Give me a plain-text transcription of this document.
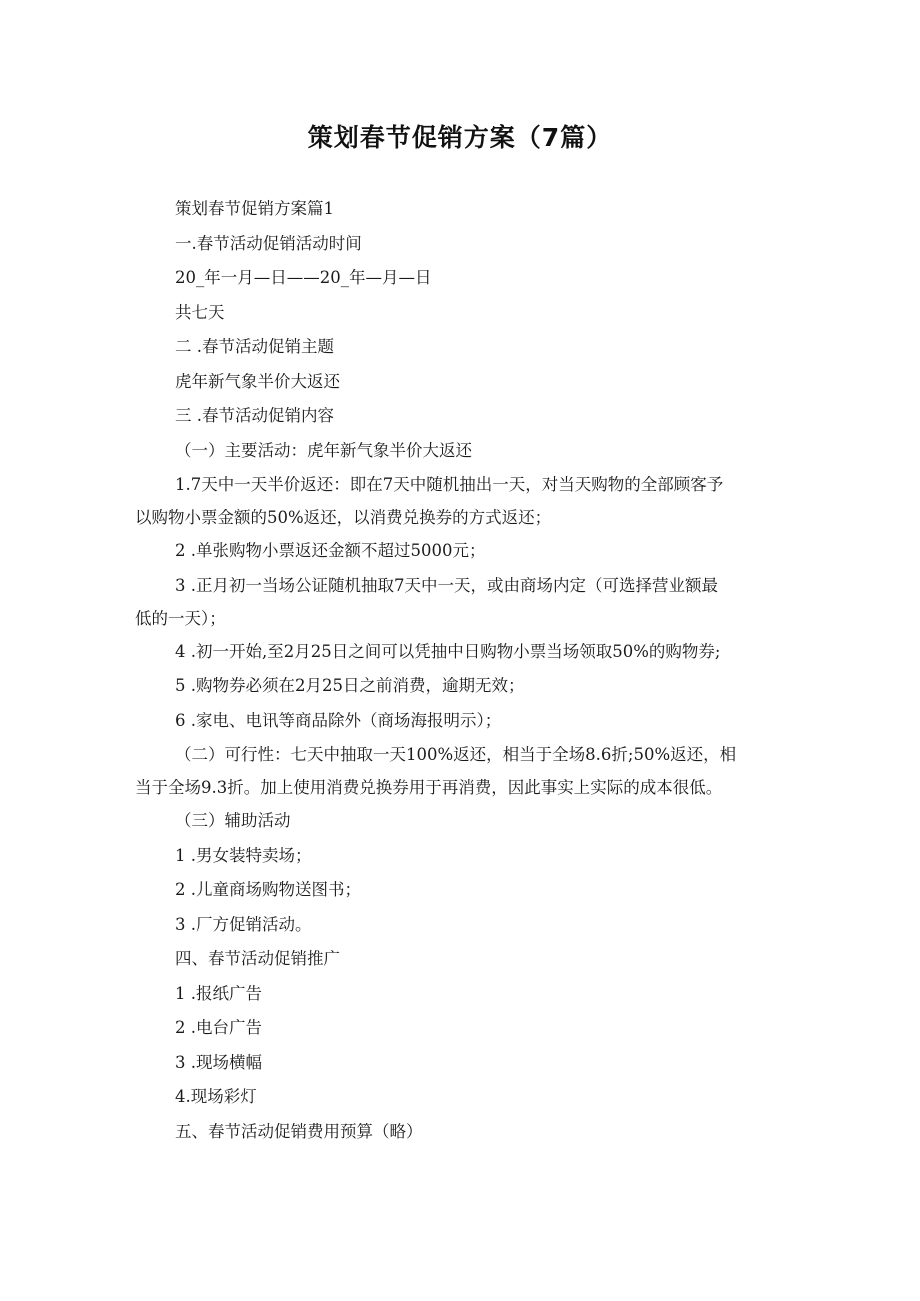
策划春节促销方案（7篇）
策划春节促销方案篇1
一.春节活动促销活动时间
20_年一月—日——20_年—月—日
共七天
二 .春节活动促销主题
虎年新气象半价大返还
三 .春节活动促销内容
（一）主要活动：虎年新气象半价大返还
1.7天中一天半价返还：即在7天中随机抽出一天，对当天购物的全部顾客予
以购物小票金额的50%返还，以消费兑换券的方式返还；
2 .单张购物小票返还金额不超过5000元；
3 .正月初一当场公证随机抽取7天中一天，或由商场内定（可选择营业额最
低的一天）；
4 .初一开始,至2月25日之间可以凭抽中日购物小票当场领取50%的购物券;
5 .购物券必须在2月25日之前消费，逾期无效；
6 .家电、电讯等商品除外（商场海报明示）；
（二）可行性：七天中抽取一天100%返还，相当于全场8.6折;50%返还，相
当于全场9.3折。加上使用消费兑换券用于再消费，因此事实上实际的成本很低。
（三）辅助活动
1 .男女装特卖场；
2 .儿童商场购物送图书；
3 .厂方促销活动。
四、春节活动促销推广
1 .报纸广告
2 .电台广告
3 .现场横幅
4.现场彩灯
五、春节活动促销费用预算（略）
